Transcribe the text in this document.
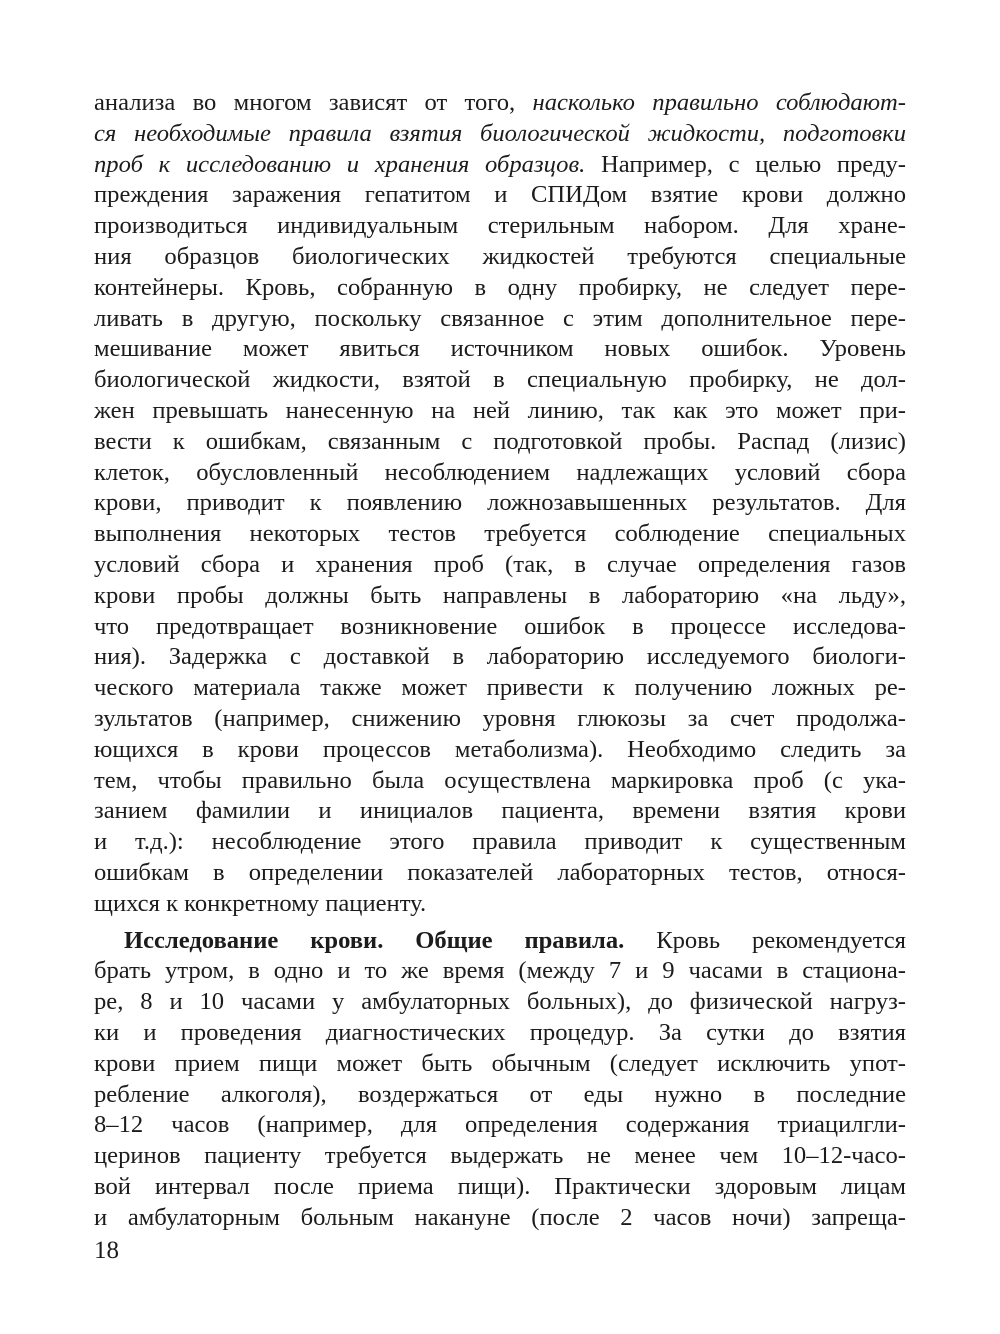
анализа во многом зависят от того, насколько правильно соблюдают-
ся необходимые правила взятия биологической жидкости, подготовки
проб к исследованию и хранения образцов. Например, с целью преду-
преждения заражения гепатитом и СПИДом взятие крови должно
производиться индивидуальным стерильным набором. Для хране-
ния образцов биологических жидкостей требуются специальные
контейнеры. Кровь, собранную в одну пробирку, не следует пере-
ливать в другую, поскольку связанное с этим дополнительное пере-
мешивание может явиться источником новых ошибок. Уровень
биологической жидкости, взятой в специальную пробирку, не дол-
жен превышать нанесенную на ней линию, так как это может при-
вести к ошибкам, связанным с подготовкой пробы. Распад (лизис)
клеток, обусловленный несоблюдением надлежащих условий сбора
крови, приводит к появлению ложнозавышенных результатов. Для
выполнения некоторых тестов требуется соблюдение специальных
условий сбора и хранения проб (так, в случае определения газов
крови пробы должны быть направлены в лабораторию «на льду»,
что предотвращает возникновение ошибок в процессе исследова-
ния). Задержка с доставкой в лабораторию исследуемого биологи-
ческого материала также может привести к получению ложных ре-
зультатов (например, снижению уровня глюкозы за счет продолжа-
ющихся в крови процессов метаболизма). Необходимо следить за
тем, чтобы правильно была осуществлена маркировка проб (с ука-
занием фамилии и инициалов пациента, времени взятия крови
и т.д.): несоблюдение этого правила приводит к существенным
ошибкам в определении показателей лабораторных тестов, относя-
щихся к конкретному пациенту.
Исследование крови. Общие правила. Кровь рекомендуется
брать утром, в одно и то же время (между 7 и 9 часами в стациона-
ре, 8 и 10 часами у амбулаторных больных), до физической нагруз-
ки и проведения диагностических процедур. За сутки до взятия
крови прием пищи может быть обычным (следует исключить упот-
ребление алкоголя), воздержаться от еды нужно в последние
8–12 часов (например, для определения содержания триацилгли-
церинов пациенту требуется выдержать не менее чем 10–12-часо-
вой интервал после приема пищи). Практически здоровым лицам
и амбулаторным больным накануне (после 2 часов ночи) запреща-
18
